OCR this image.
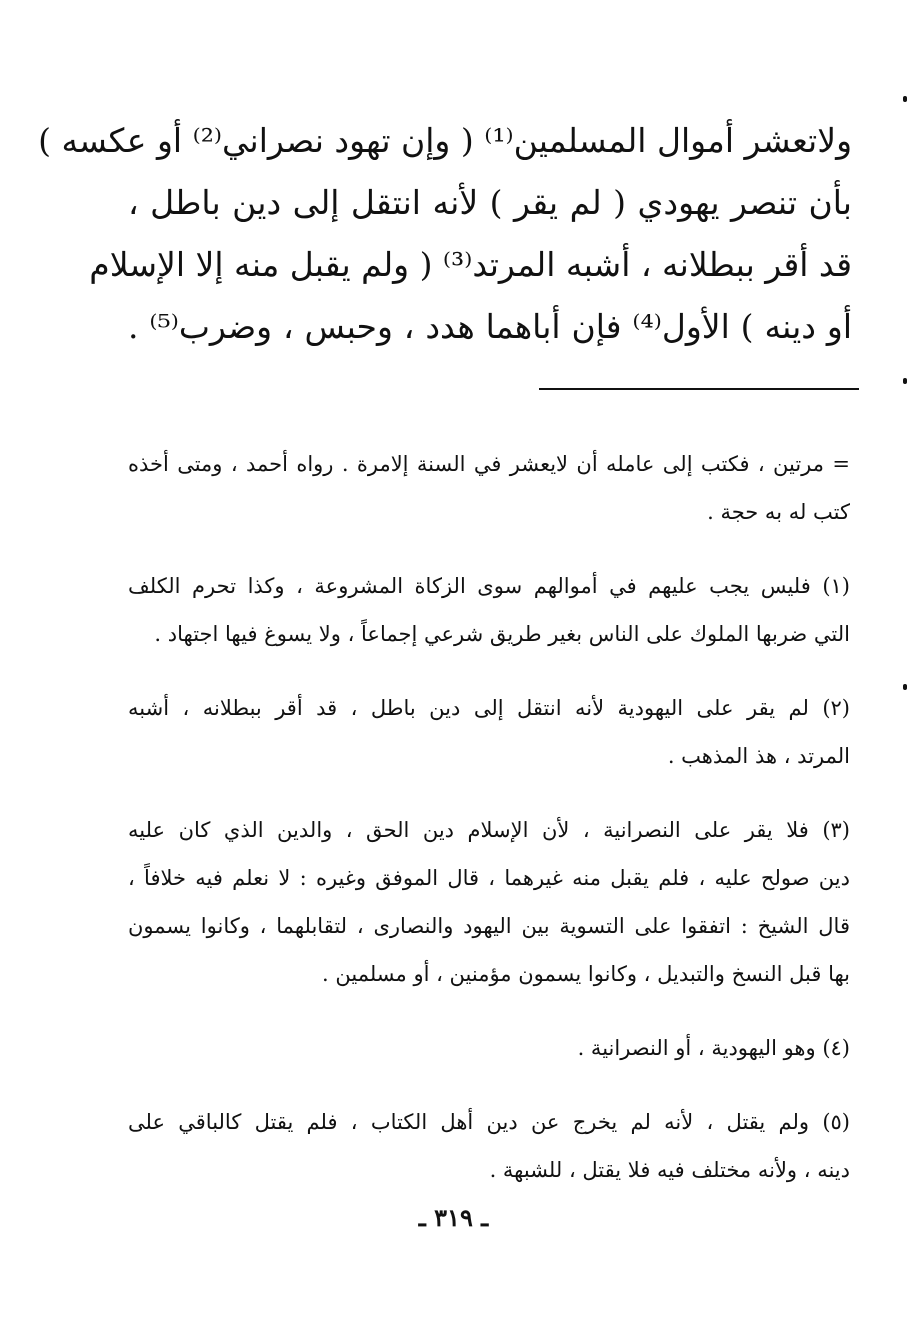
ولاتعشر أموال المسلمين⁽¹⁾ ( وإن تهود نصراني⁽²⁾ أو عكسه )
بأن تنصر يهودي ( لم يقر ) لأنه انتقل إلى دين باطل ،
قد أقر ببطلانه ، أشبه المرتد⁽³⁾ ( ولم يقبل منه إلا الإسلام
أو دينه ) الأول⁽⁴⁾ فإن أباهما هدد ، وحبس ، وضرب⁽⁵⁾ .
= مرتين ، فكتب إلى عامله أن لايعشر في السنة إلامرة . رواه أحمد ، ومتى أخذه
كتب له به حجة .
(١) فليس يجب عليهم في أموالهم سوى الزكاة المشروعة ، وكذا تحرم الكلف
التي ضربها الملوك على الناس بغير طريق شرعي إجماعاً ، ولا يسوغ فيها اجتهاد .
(٢) لم يقر على اليهودية لأنه انتقل إلى دين باطل ، قد أقر ببطلانه ، أشبه
المرتد ، هذ المذهب .
(٣) فلا يقر على النصرانية ، لأن الإسلام دين الحق ، والدين الذي كان عليه
دين صولح عليه ، فلم يقبل منه غيرهما ، قال الموفق وغيره : لا نعلم فيه خلافاً ،
قال الشيخ : اتفقوا على التسوية بين اليهود والنصارى ، لتقابلهما ، وكانوا يسمون
بها قبل النسخ والتبديل ، وكانوا يسمون مؤمنين ، أو مسلمين .
(٤) وهو اليهودية ، أو النصرانية .
(٥) ولم يقتل ، لأنه لم يخرج عن دين أهل الكتاب ، فلم يقتل كالباقي على
دينه ، ولأنه مختلف فيه فلا يقتل ، للشبهة .
ـ ٣١٩ ـ
